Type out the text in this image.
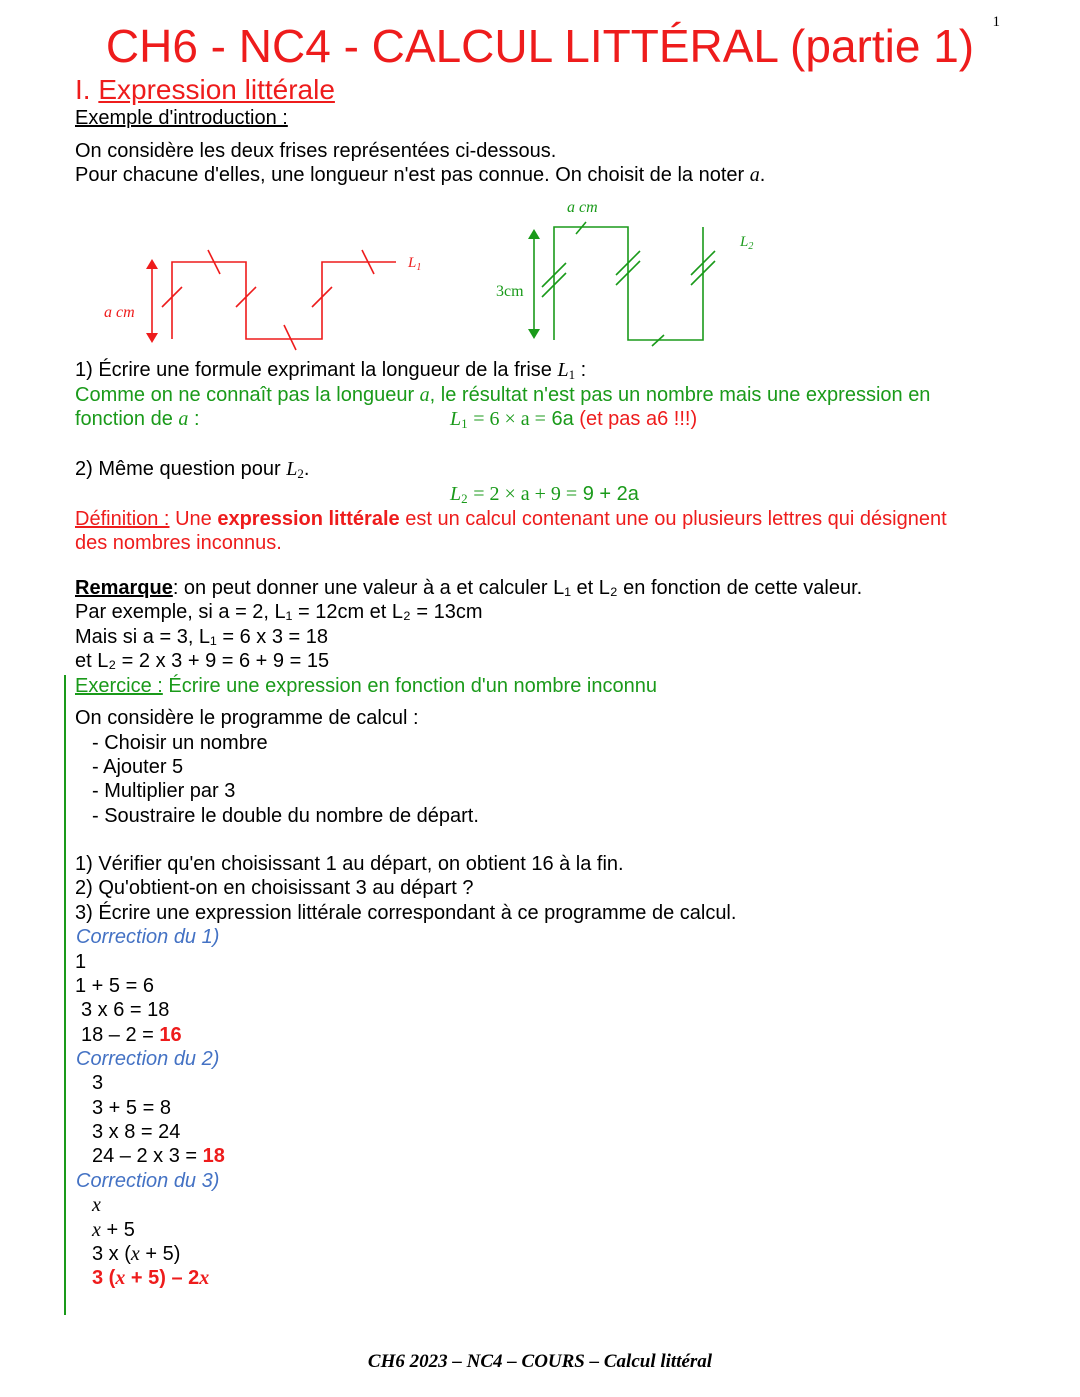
1
CH6 - NC4 - CALCUL LITTÉRAL (partie 1)
I. Expression littérale
Exemple d'introduction :
On considère les deux frises représentées ci-dessous.
Pour chacune d'elles, une longueur n'est pas connue. On choisit de la noter a.
a cm
$L_1$
a cm
3cm
$L_2$
1) Écrire une formule exprimant la longueur de la frise $L_1$ :
Comme on ne connaît pas la longueur a, le résultat n'est pas un nombre mais une expression en
fonction de a :	$L_1 = 6 \times a = 6a$ (et pas a6 !!!)
2) Même question pour $L_2$.
$L_2 = 2 \times a + 9 = 9 + 2a$
Définition : Une expression littérale est un calcul contenant une ou plusieurs lettres qui désignent
des nombres inconnus.
Remarque: on peut donner une valeur à a et calculer L₁ et L₂ en fonction de cette valeur.
Par exemple, si a = 2, L₁ = 12cm et L₂ = 13cm
Mais si a = 3, L₁ = 6 x 3 = 18
et L₂ = 2 x 3 + 9 = 6 + 9 = 15
Exercice : Écrire une expression en fonction d'un nombre inconnu
On considère le programme de calcul :
- Choisir un nombre
- Ajouter 5
- Multiplier par 3
- Soustraire le double du nombre de départ.
1) Vérifier qu'en choisissant 1 au départ, on obtient 16 à la fin.
2) Qu'obtient-on en choisissant 3 au départ ?
3) Écrire une expression littérale correspondant à ce programme de calcul.
Correction du 1)
1
1 + 5 = 6
3 x 6 = 18
18 – 2 = 16
Correction du 2)
3
3 + 5 = 8
3 x 8 = 24
24 – 2 x 3 = 18
Correction du 3)
x
x + 5
3 x (x + 5)
3 (x + 5) – 2x
CH6 2023 – NC4 – COURS – Calcul littéral
